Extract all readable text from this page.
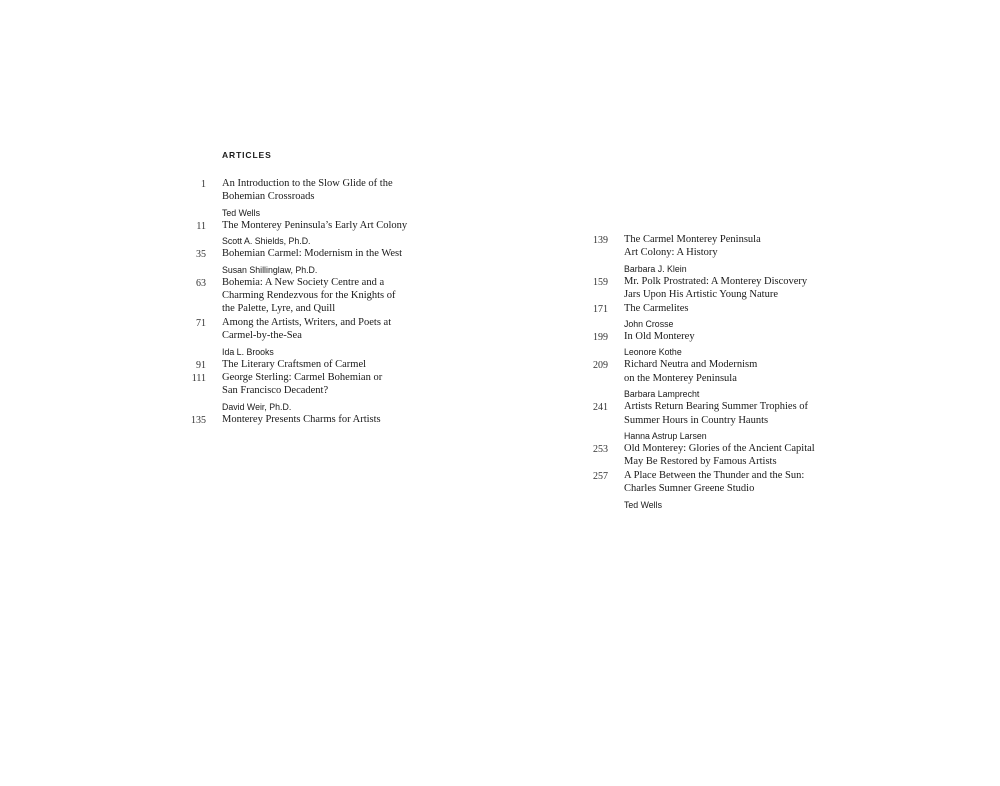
ARTICLES
1 An Introduction to the Slow Glide of the
Bohemian Crossroads
Ted Wells
11 The Monterey Peninsula’s Early Art Colony
Scott A. Shields, Ph.D.
35 Bohemian Carmel: Modernism in the West
Susan Shillinglaw, Ph.D.
63 Bohemia: A New Society Centre and a
Charming Rendezvous for the Knights of
the Palette, Lyre, and Quill
71 Among the Artists, Writers, and Poets at
Carmel-by-the-Sea
Ida L. Brooks
91 The Literary Craftsmen of Carmel
111 George Sterling: Carmel Bohemian or
San Francisco Decadent?
David Weir, Ph.D.
135 Monterey Presents Charms for Artists
139 The Carmel Monterey Peninsula
Art Colony: A History
Barbara J. Klein
159 Mr. Polk Prostrated: A Monterey Discovery
Jars Upon His Artistic Young Nature
171 The Carmelites
John Crosse
199 In Old Monterey
Leonore Kothe
209 Richard Neutra and Modernism
on the Monterey Peninsula
Barbara Lamprecht
241 Artists Return Bearing Summer Trophies of
Summer Hours in Country Haunts
Hanna Astrup Larsen
253 Old Monterey: Glories of the Ancient Capital
May Be Restored by Famous Artists
257 A Place Between the Thunder and the Sun:
Charles Sumner Greene Studio
Ted Wells
